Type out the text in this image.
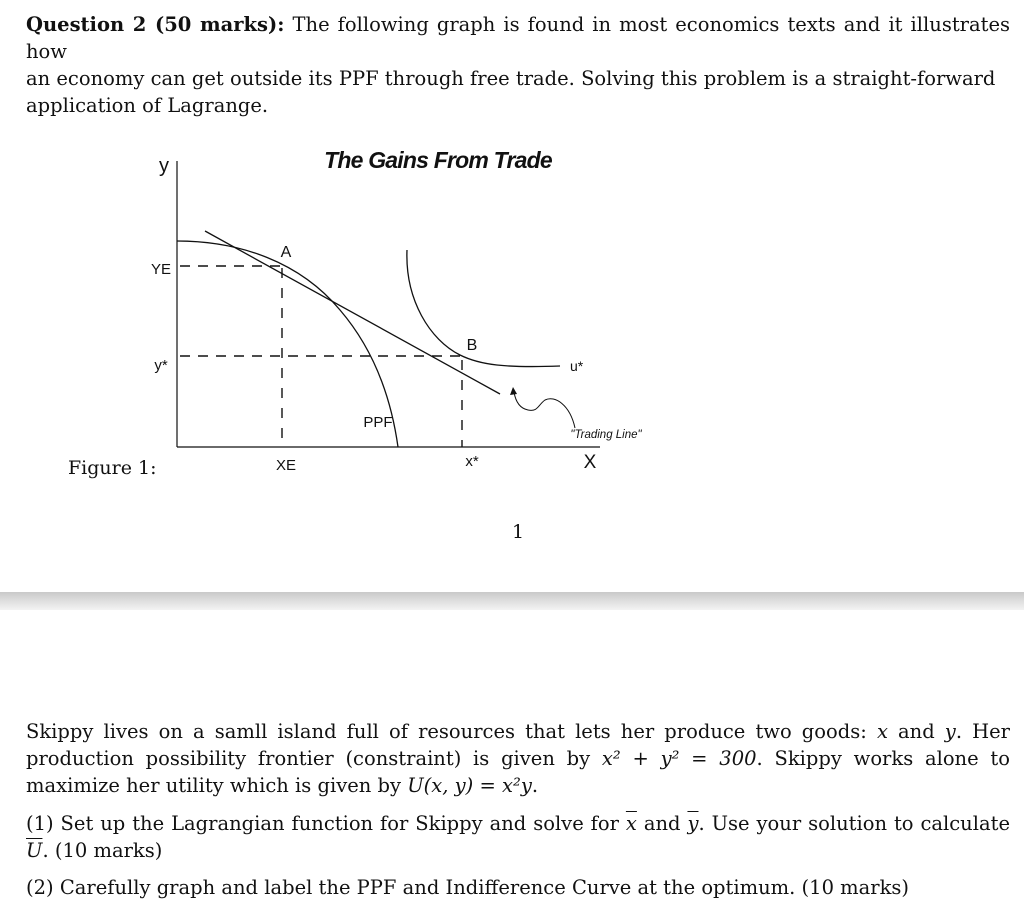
Question 2 (50 marks): The following graph is found in most economics texts and it illustrates how
an economy can get outside its PPF through free trade. Solving this problem is a straight-forward
application of Lagrange.
Figure 1:
The Gains From Trade
y
X
A
B
YE
y*
XE	x*
PPF
u*
"Trading Line"
1
Skippy lives on a samll island full of resources that lets her produce two goods: x and y. Her production possibility frontier (constraint) is given by x² + y² = 300. Skippy works alone to maximize her utility which is given by U(x, y) = x²y.
(1) Set up the Lagrangian function for Skippy and solve for $\overline{x}$ and $\overline{y}$. Use your solution to calculate $\overline{U}$. (10 marks)
(2) Carefully graph and label the PPF and Indifference Curve at the optimum. (10 marks)
